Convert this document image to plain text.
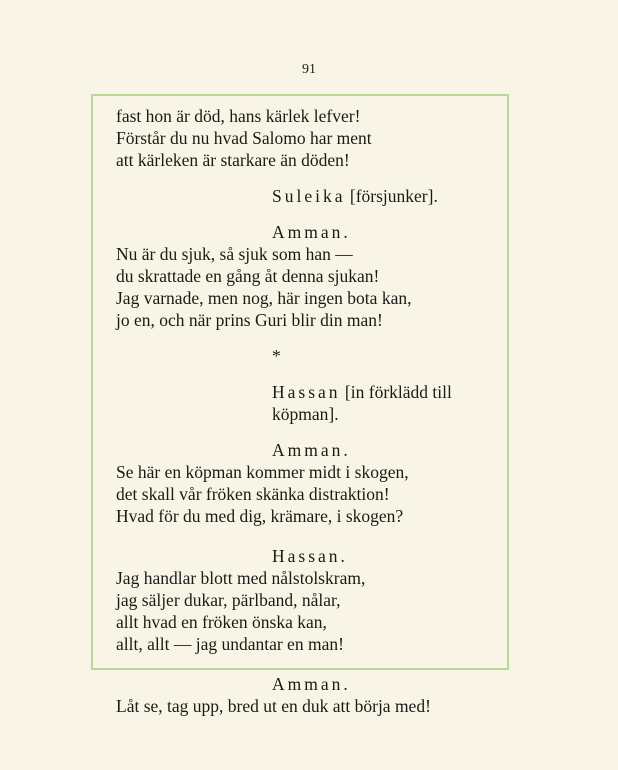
91
fast hon är död, hans kärlek lefver!
Förstår du nu hvad Salomo har ment
att kärleken är starkare än döden!
Suleika [försjunker].
Amman.
Nu är du sjuk, så sjuk som han —
du skrattade en gång åt denna sjukan!
Jag varnade, men nog, här ingen bota kan,
jo en, och när prins Guri blir din man!
*
Hassan [in förklädd till
köpman].
Amman.
Se här en köpman kommer midt i skogen,
det skall vår fröken skänka distraktion!
Hvad för du med dig, krämare, i skogen?
Hassan.
Jag handlar blott med nålstolskram,
jag säljer dukar, pärlband, nålar,
allt hvad en fröken önska kan,
allt, allt — jag undantar en man!
Amman.
Låt se, tag upp, bred ut en duk att börja med!
